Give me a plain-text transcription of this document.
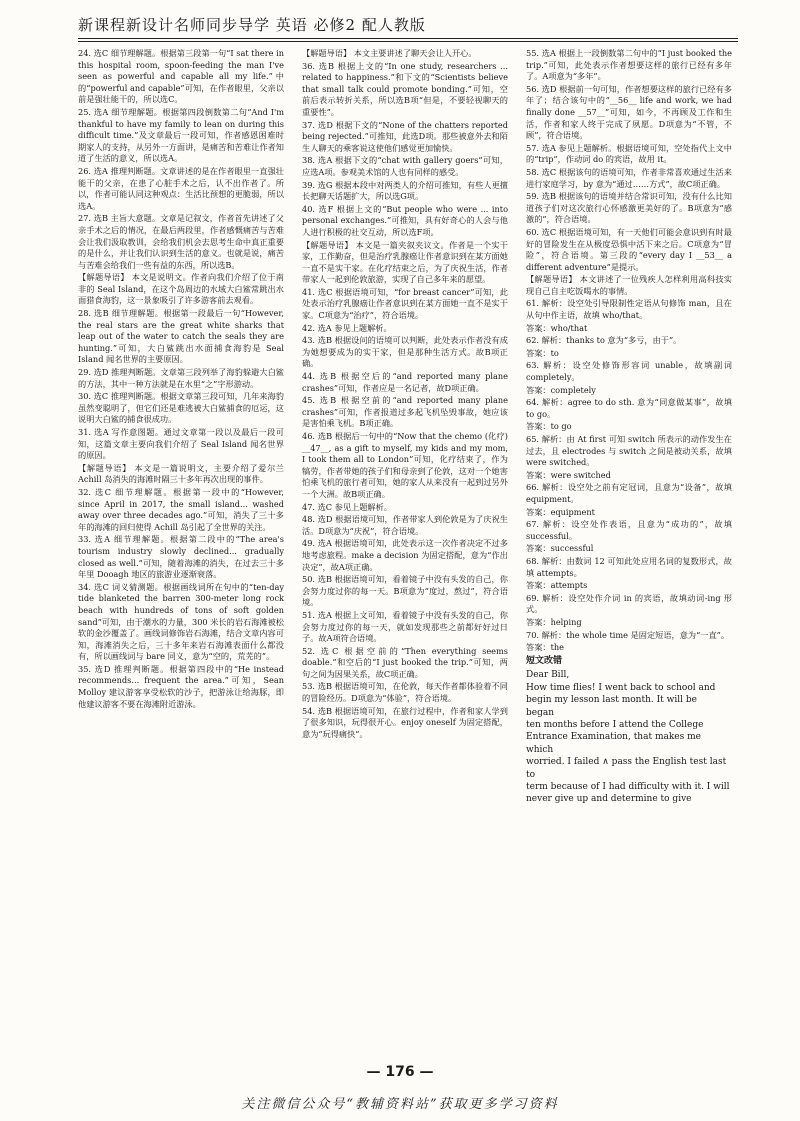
新课程新设计名师同步导学 英语 必修2 配人教版

24. 选C 细节理解题。根据第三段第一句“I sat there in this hospital room, spoon-feeding the man I've seen as powerful and capable all my life.”中的“powerful and capable”可知，在作者眼里，父亲以前是强壮能干的，所以选C。

25. 选A 细节理解题。根据第四段倒数第二句“And I'm thankful to have my family to lean on during this difficult time.”及文章最后一段可知，作者感恩困难时期家人的支持，从另外一方面讲，是痛苦和苦难让作者知道了生活的意义，所以选A。

26. 选A 推理判断题。文章讲述的是在作者眼里一直强壮能干的父亲，在患了心脏手术之后，认不出作者了。所以，作者可能认同这种观点：生活比预想的更脆弱，所以选A。

27. 选B 主旨大意题。文章是记叙文，作者首先讲述了父亲手术之后的情况，在最后两段里，作者感慨痛苦与苦难会让我们汲取教训，会给我们机会去思考生命中真正重要的是什么，并让我们认识到生活的意义。也就是说，痛苦与苦难会给我们一些有益的东西，所以选B。

【解题导语】 本文是说明文。作者向我们介绍了位于南非的 Seal Island，在这个岛周边的水域大白鲨常跳出水面猎食海豹，这一景象吸引了许多游客前去观看。

28. 选B 细节理解题。根据第一段最后一句“However, the real stars are the great white sharks that leap out of the water to catch the seals they are hunting.”可知，大白鲨跳出水面捕食海豹是 Seal Island 闻名世界的主要原因。

29. 选D 推理判断题。文章第三段列举了海豹躲避大白鲨的方法，其中一种方法就是在水里“之”字形游动。

30. 选C 推理判断题。根据文章第三段可知，几年来海豹虽然变聪明了，但它们还是难逃被大白鲨捕食的厄运，这说明大白鲨的捕食很成功。

31. 选A 写作意图题。通过文章第一段以及最后一段可知，这篇文章主要向我们介绍了 Seal Island 闻名世界的原因。

【解题导语】 本文是一篇说明文，主要介绍了爱尔兰 Achill 岛消失的海滩时隔三十多年再次出现的事件。

32. 选C 细节理解题。根据第一段中的“However, since April in 2017, the small island... washed away over three decades ago.”可知，消失了三十多年的海滩的回归使得 Achill 岛引起了全世界的关注。

33. 选A 细节理解题。根据第二段中的“The area's tourism industry slowly declined... gradually closed as well.”可知，随着海滩的消失，在过去三十多年里 Dooagh 地区的旅游业逐渐衰落。

34. 选C 词义猜测题。根据画线词所在句中的“ten-day tide blanketed the barren 300-meter long rock beach with hundreds of tons of soft golden sand”可知，由于潮水的力量，300 米长的岩石海滩被松软的金沙覆盖了。画线词修饰岩石海滩，结合文章内容可知，海滩消失之后，三十多年来岩石海滩表面什么都没有，所以画线词与 bare 同义，意为“空的，荒芜的”。

35. 选D 推理判断题。根据第四段中的“He instead recommends... frequent the area.”可知，Sean Molloy 建议游客享受松软的沙子，把游泳让给海豚，即他建议游客不要在海滩附近游泳。

【解题导语】 本文主要讲述了聊天会让人开心。

36. 选B 根据上文的“In one study, researchers ... related to happiness.”和下文的“Scientists believe that small talk could promote bonding.”可知，空前后表示转折关系，所以选B项“但是，不要轻视聊天的重要性”。

37. 选D 根据下文的“None of the chatters reported being rejected.”可推知，此选D项。那些被意外去和陌生人聊天的乘客说这使他们感觉更加愉快。

38. 选A 根据下文的“chat with gallery goers”可知，应选A项。参观美术馆的人也有同样的感受。

39. 选G 根据本段中对两类人的介绍可推知，有些人更擅长把聊天话题扩大，所以选G项。

40. 选F 根据上文的“But people who were ... into personal exchanges.”可推知，具有好奇心的人会与他人进行积极的社交互动，所以选F项。

【解题导语】 本文是一篇夹叙夹议文。作者是一个实干家，工作勤奋，但是治疗乳腺癌让作者意识到在某方面她一直不是实干家。在化疗结束之后，为了庆祝生活，作者带家人一起到伦敦旅游，实现了自己多年来的愿望。

41. 选C 根据语境可知，“for breast cancer”可知，此处表示治疗乳腺癌让作者意识到在某方面她一直不是实干家。C项意为“治疗”，符合语境。

42. 选A 参见上题解析。

43. 选B 根据设问的语境可以判断，此处表示作者没有成为她想要成为的实干家，但是那种生活方式。故B项正确。

44. 选B 根据空后的“and reported many plane crashes”可知，作者应是一名记者，故D项正确。

45. 选B 根据空前的“and reported many plane crashes”可知，作者报道过多起飞机坠毁事故，她应该是害怕乘飞机。B项正确。

46. 选B 根据后一句中的“Now that the chemo (化疗) __47__, as a gift to myself, my kids and my mom, I took them all to London”可知，化疗结束了，作为犒劳，作者带她的孩子们和母亲到了伦敦，这对一个她害怕乘飞机的旅行者可知，她的家人从来没有一起到过另外一个大洲。故B项正确。

47. 选C 参见上题解析。

48. 选D 根据语境可知，作者带家人到伦敦是为了庆祝生活。D项意为“庆祝”，符合语境。

49. 选A 根据语境可知，此处表示这一次作者决定不过多地考虑旅程。make a decision 为固定搭配，意为“作出决定”，故A项正确。

50. 选B 根据语境可知，看着镜子中没有头发的自己，你会努力度过你的每一天。B项意为“度过，熬过”，符合语境。

51. 选A 根据上文可知，看着镜子中没有头发的自己，你会努力度过你的每一天，就如发现那些之前都好好过日子。故A项符合语境。

52. 选C 根据空前的“Then everything seems doable.”和空后的“I just booked the trip.”可知，两句之间为因果关系，故C项正确。

53. 选B 根据语境可知，在伦敦，每天作者都体验着不同的冒险经历。D项意为“体验”，符合语境。

54. 选B 根据语境可知，在旅行过程中，作者和家人学到了很多知识，玩得很开心。enjoy oneself 为固定搭配，意为“玩得痛快”。

55. 选A 根据上一段倒数第二句中的“I just booked the trip.”可知，此处表示作者想要这样的旅行已经有多年了。A项意为“多年”。

56. 选D 根据前一句可知，作者想要这样的旅行已经有多年了；结合该句中的“__56__ life and work, we had finally done __57__”可知，如今，不再顾及工作和生活，作者和家人终于完成了夙愿。D项意为“不管，不顾”，符合语境。

57. 选A 参见上题解析。根据语境可知，空处指代上文中的“trip”，作动词 do 的宾语，故用 it。

58. 选C 根据该句的语境可知，作者非常喜欢通过生活来进行家庭学习，by 意为“通过……方式”，故C项正确。

59. 选B 根据该句的语境并结合常识可知，没有什么比知道孩子们对这次旅行心怀感激更美好的了。B项意为“感激的”，符合语境。

60. 选C 根据语境可知，有一天他们可能会意识到有时最好的冒险发生在从极度恐惧中活下来之后。C项意为“冒险”，符合语境。第三段的“every day I __53__ a different adventure”是提示。

【解题导语】 本文讲述了一位残疾人怎样利用高科技实现自己自主吃饭喝水的事情。

61. 解析：设空处引导限制性定语从句修饰 man，且在从句中作主语，故填 who/that。

答案：who/that

62. 解析：thanks to 意为“多亏，由于”。

答案：to

63. 解析：设空处修饰形容词 unable，故填副词 completely。

答案：completely

64. 解析：agree to do sth. 意为“同意做某事”，故填 to go。

答案：to go

65. 解析：由 At first 可知 switch 所表示的动作发生在过去，且 electrodes 与 switch 之间是被动关系，故填 were switched。

答案：were switched

66. 解析：设空处之前有定冠词，且意为“设备”，故填 equipment。

答案：equipment

67. 解析：设空处作表语，且意为“成功的”，故填 successful。

答案：successful

68. 解析：由数词 12 可知此处应用名词的复数形式，故填 attempts。

答案：attempts

69. 解析：设空处作介词 in 的宾语，故填动词-ing 形式。

答案：helping

70. 解析：the whole time 是固定短语，意为“一直”。

答案：the

短文改错

Dear Bill,

How time flies! I went back to school and begin my lesson last month. It will be

began

ten months before I attend the College Entrance Examination, that makes me

which

worried. I failed ∧ pass the English test last

to

term because of I had difficulty with it. I will never give up and determine to give

— 176 —
关注微信公众号“教辅资料站”获取更多学习资料
